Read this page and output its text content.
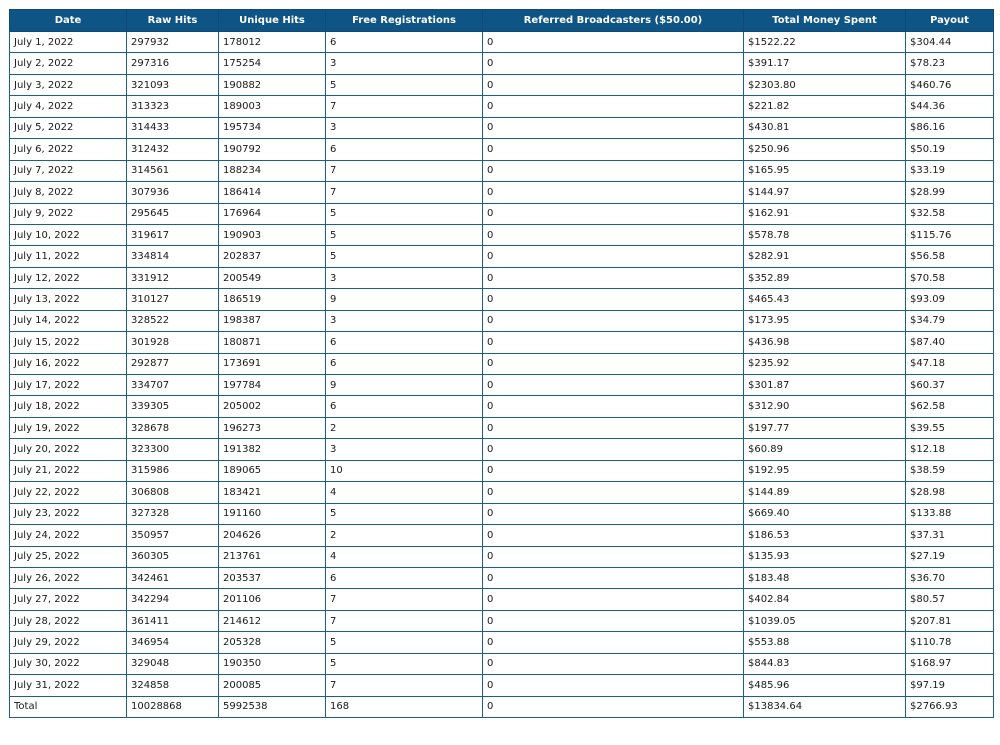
Date	Raw Hits	Unique Hits	Free Registrations	Referred Broadcasters ($50.00)	Total Money Spent	Payout
July 1, 2022	297932	178012	6	0	$1522.22	$304.44
July 2, 2022	297316	175254	3	0	$391.17	$78.23
July 3, 2022	321093	190882	5	0	$2303.80	$460.76
July 4, 2022	313323	189003	7	0	$221.82	$44.36
July 5, 2022	314433	195734	3	0	$430.81	$86.16
July 6, 2022	312432	190792	6	0	$250.96	$50.19
July 7, 2022	314561	188234	7	0	$165.95	$33.19
July 8, 2022	307936	186414	7	0	$144.97	$28.99
July 9, 2022	295645	176964	5	0	$162.91	$32.58
July 10, 2022	319617	190903	5	0	$578.78	$115.76
July 11, 2022	334814	202837	5	0	$282.91	$56.58
July 12, 2022	331912	200549	3	0	$352.89	$70.58
July 13, 2022	310127	186519	9	0	$465.43	$93.09
July 14, 2022	328522	198387	3	0	$173.95	$34.79
July 15, 2022	301928	180871	6	0	$436.98	$87.40
July 16, 2022	292877	173691	6	0	$235.92	$47.18
July 17, 2022	334707	197784	9	0	$301.87	$60.37
July 18, 2022	339305	205002	6	0	$312.90	$62.58
July 19, 2022	328678	196273	2	0	$197.77	$39.55
July 20, 2022	323300	191382	3	0	$60.89	$12.18
July 21, 2022	315986	189065	10	0	$192.95	$38.59
July 22, 2022	306808	183421	4	0	$144.89	$28.98
July 23, 2022	327328	191160	5	0	$669.40	$133.88
July 24, 2022	350957	204626	2	0	$186.53	$37.31
July 25, 2022	360305	213761	4	0	$135.93	$27.19
July 26, 2022	342461	203537	6	0	$183.48	$36.70
July 27, 2022	342294	201106	7	0	$402.84	$80.57
July 28, 2022	361411	214612	7	0	$1039.05	$207.81
July 29, 2022	346954	205328	5	0	$553.88	$110.78
July 30, 2022	329048	190350	5	0	$844.83	$168.97
July 31, 2022	324858	200085	7	0	$485.96	$97.19
Total	10028868	5992538	168	0	$13834.64	$2766.93
